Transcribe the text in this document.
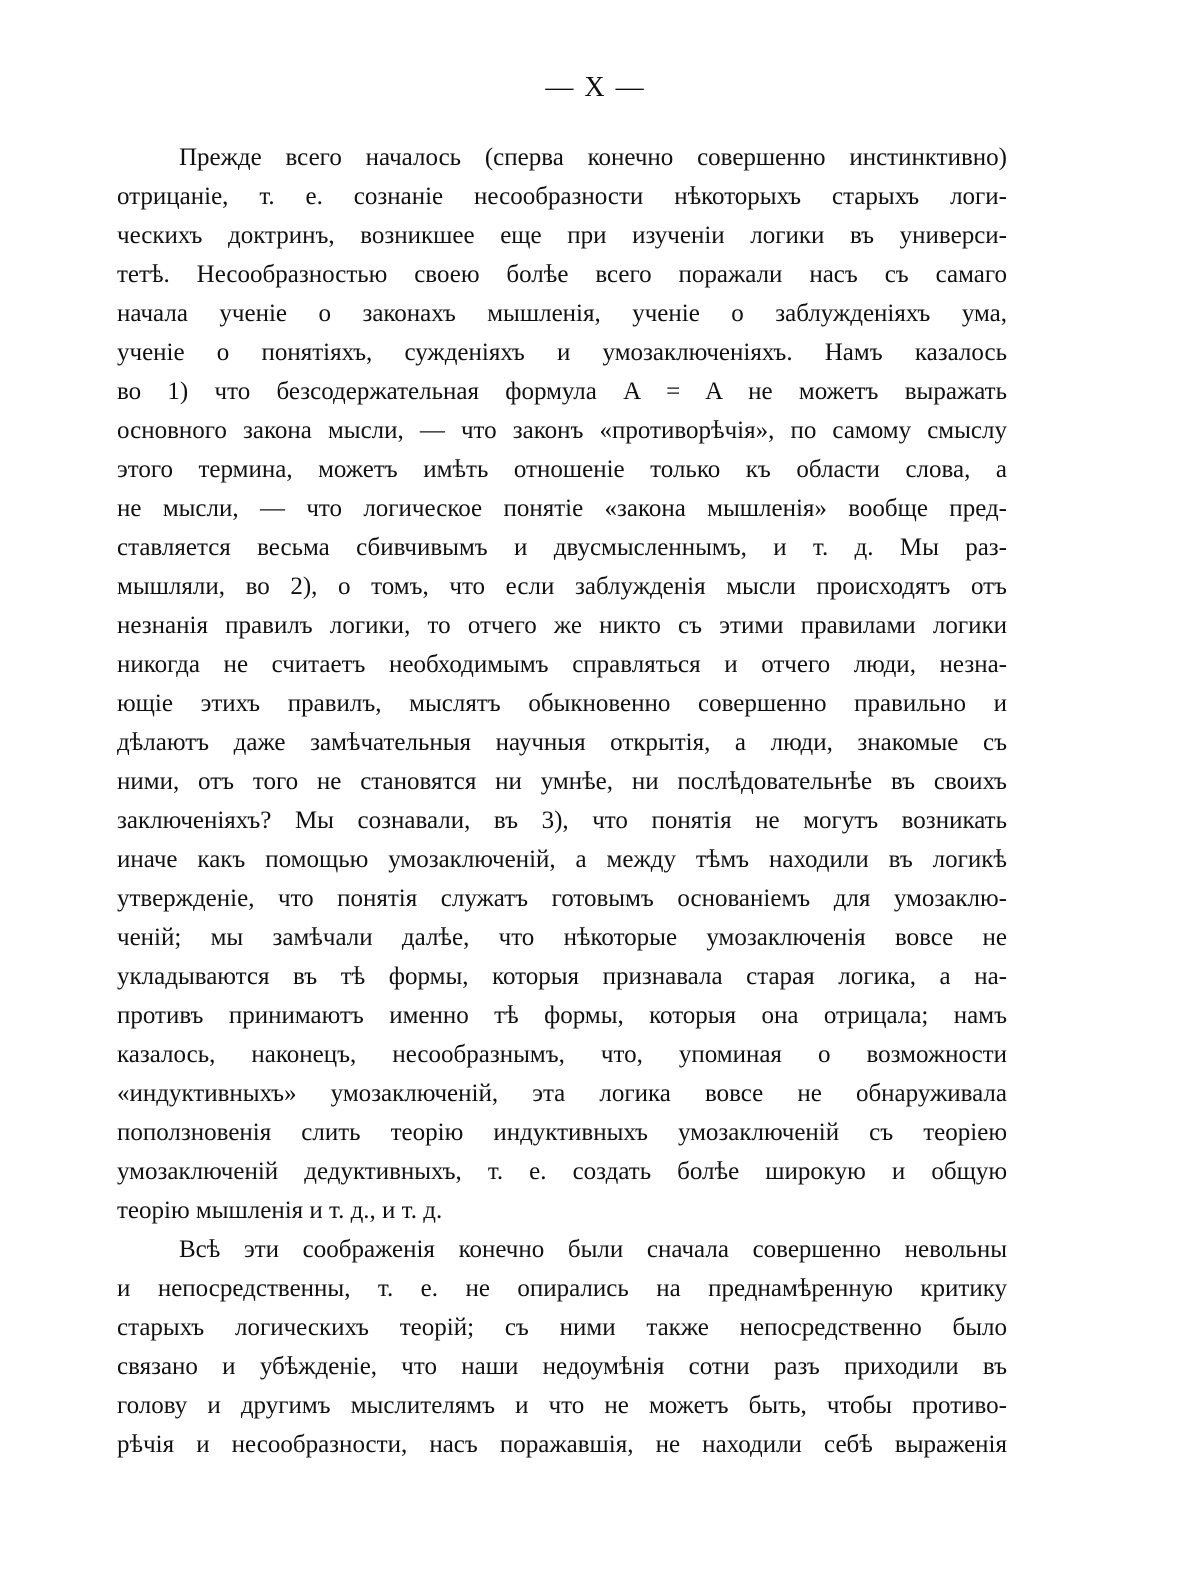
— X —
Прежде всего началось (сперва конечно совершенно инстинктивно)
отрицаніе, т. е. сознаніе несообразности нѣкоторыхъ старыхъ логи-
ческихъ доктринъ, возникшее еще при изученіи логики въ универси-
тетѣ. Несообразностью своею болѣе всего поражали насъ съ самаго
начала ученіе о законахъ мышленія, ученіе о заблужденіяхъ ума,
ученіе о понятіяхъ, сужденіяхъ и умозаключеніяхъ. Намъ казалось
во 1) что безсодержательная формула A = A не можетъ выражать
основного закона мысли, — что законъ «противорѣчія», по самому смыслу
этого термина, можетъ имѣть отношеніе только къ области слова, а
не мысли, — что логическое понятіе «закона мышленія» вообще пред-
ставляется весьма сбивчивымъ и двусмысленнымъ, и т. д. Мы раз-
мышляли, во 2), о томъ, что если заблужденія мысли происходятъ отъ
незнанія правилъ логики, то отчего же никто съ этими правилами логики
никогда не считаетъ необходимымъ справляться и отчего люди, незна-
ющіе этихъ правилъ, мыслятъ обыкновенно совершенно правильно и
дѣлаютъ даже замѣчательныя научныя открытія, а люди, знакомые съ
ними, отъ того не становятся ни умнѣе, ни послѣдовательнѣе въ своихъ
заключеніяхъ? Мы сознавали, въ 3), что понятія не могутъ возникать
иначе какъ помощью умозаключеній, а между тѣмъ находили въ логикѣ
утвержденіе, что понятія служатъ готовымъ основаніемъ для умозаклю-
ченій; мы замѣчали далѣе, что нѣкоторые умозаключенія вовсе не
укладываются въ тѣ формы, которыя признавала старая логика, а на-
противъ принимаютъ именно тѣ формы, которыя она отрицала; намъ
казалось, наконецъ, несообразнымъ, что, упоминая о возможности
«индуктивныхъ» умозаключеній, эта логика вовсе не обнаруживала
поползновенія слить теорію индуктивныхъ умозаключеній съ теоріею
умозаключеній дедуктивныхъ, т. е. создать болѣе широкую и общую
теорію мышленія и т. д., и т. д.
Всѣ эти соображенія конечно были сначала совершенно невольны
и непосредственны, т. е. не опирались на преднамѣренную критику
старыхъ логическихъ теорій; съ ними также непосредственно было
связано и убѣжденіе, что наши недоумѣнія сотни разъ приходили въ
голову и другимъ мыслителямъ и что не можетъ быть, чтобы противо-
рѣчія и несообразности, насъ поражавшія, не находили себѣ выраженія
